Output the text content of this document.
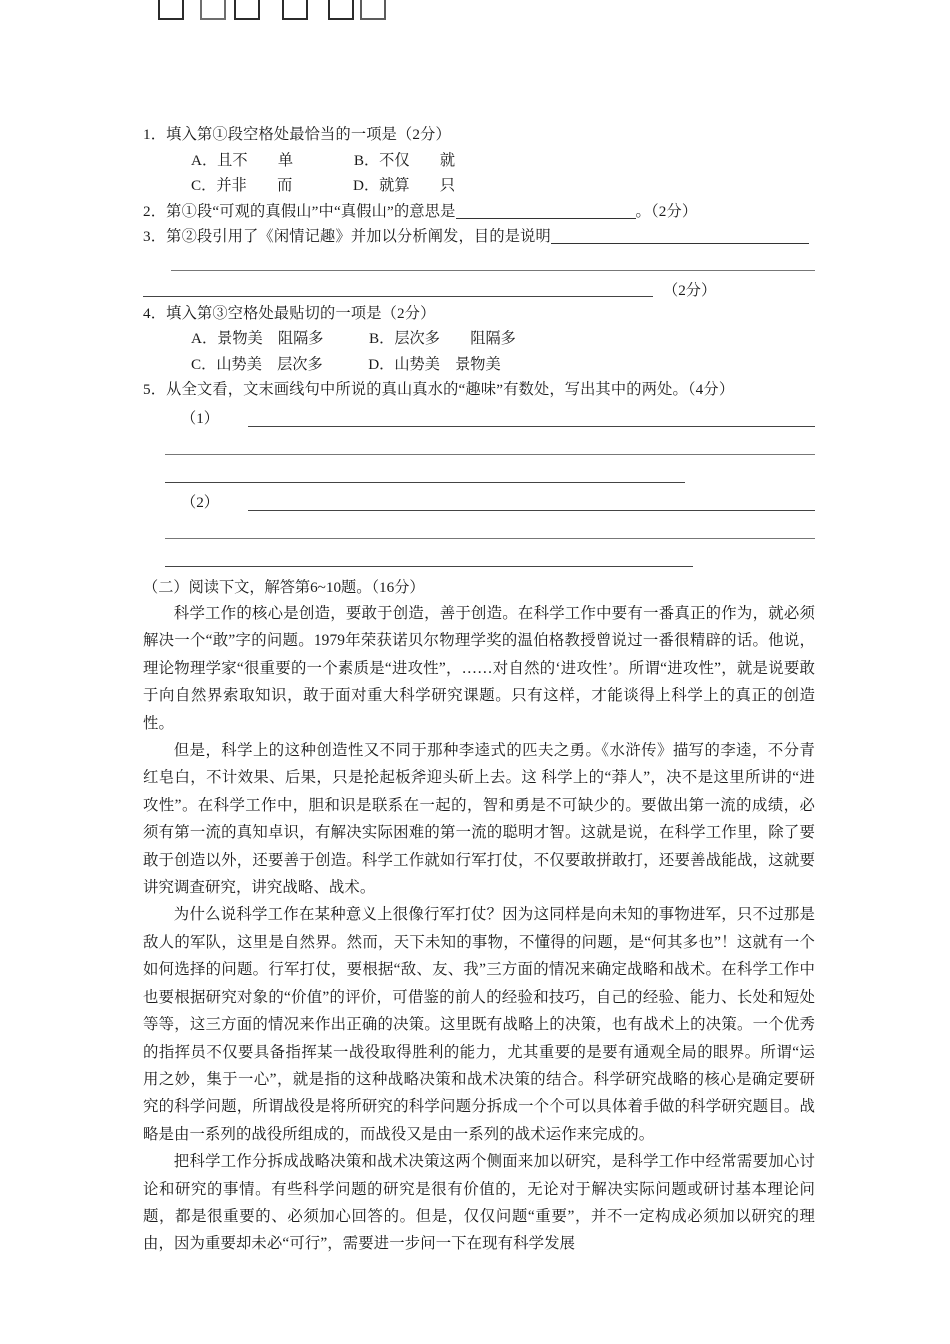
1．填入第①段空格处最恰当的一项是（2分）
A．且不　　单　　　　B．不仅　　就
C．并非　　而　　　　D．就算　　只
2．第①段“可观的真假山”中“真假山”的意思是	。（2分）
3．第②段引用了《闲情记趣》并加以分析阐发，目的是说明
（2分）
4．填入第③空格处最贴切的一项是（2分）
A．景物美　阻隔多　　　B．层次多　　阻隔多
C．山势美　层次多　　　D．山势美　景物美
5．从全文看，文末画线句中所说的真山真水的“趣味”有数处，写出其中的两处。（4分）
（1）
（2）
（二）阅读下文，解答第6~10题。（16分）

科学工作的核心是创造，要敢于创造，善于创造。在科学工作中要有一番真正的作为，就必须解决一个“敢”字的问题。1979年荣获诺贝尔物理学奖的温伯格教授曾说过一番很精辟的话。他说，理论物理学家“很重要的一个素质是“进攻性”，……对自然的‘进攻性’。所谓“进攻性”，就是说要敢于向自然界索取知识，敢于面对重大科学研究课题。只有这样，才能谈得上科学上的真正的创造性。

但是，科学上的这种创造性又不同于那种李逵式的匹夫之勇。《水浒传》描写的李逵，不分青红皂白，不计效果、后果，只是抡起板斧迎头斫上去。这 科学上的“莽人”，决不是这里所讲的“进攻性”。在科学工作中，胆和识是联系在一起的，智和勇是不可缺少的。要做出第一流的成绩，必须有第一流的真知卓识，有解决实际困难的第一流的聪明才智。这就是说，在科学工作里，除了要敢于创造以外，还要善于创造。科学工作就如行军打仗，不仅要敢拼敢打，还要善战能战，这就要讲究调查研究，讲究战略、战术。

为什么说科学工作在某种意义上很像行军打仗？因为这同样是向未知的事物进军，只不过那是敌人的军队，这里是自然界。然而，天下未知的事物，不懂得的问题，是“何其多也”！这就有一个如何选择的问题。行军打仗，要根据“敌、友、我”三方面的情况来确定战略和战术。在科学工作中也要根据研究对象的“价值”的评价，可借鉴的前人的经验和技巧，自己的经验、能力、长处和短处等等，这三方面的情况来作出正确的决策。这里既有战略上的决策，也有战术上的决策。一个优秀的指挥员不仅要具备指挥某一战役取得胜利的能力，尤其重要的是要有通观全局的眼界。所谓“运用之妙，集于一心”，就是指的这种战略决策和战术决策的结合。科学研究战略的核心是确定要研究的科学问题，所谓战役是将所研究的科学问题分拆成一个个可以具体着手做的科学研究题目。战略是由一系列的战役所组成的，而战役又是由一系列的战术运作来完成的。

把科学工作分拆成战略决策和战术决策这两个侧面来加以研究，是科学工作中经常需要加心讨论和研究的事情。有些科学问题的研究是很有价值的，无论对于解决实际问题或研讨基本理论问题，都是很重要的、必须加心回答的。但是，仅仅问题“重要”，并不一定构成必须加以研究的理由，因为重要却未必“可行”，需要进一步问一下在现有科学发展
